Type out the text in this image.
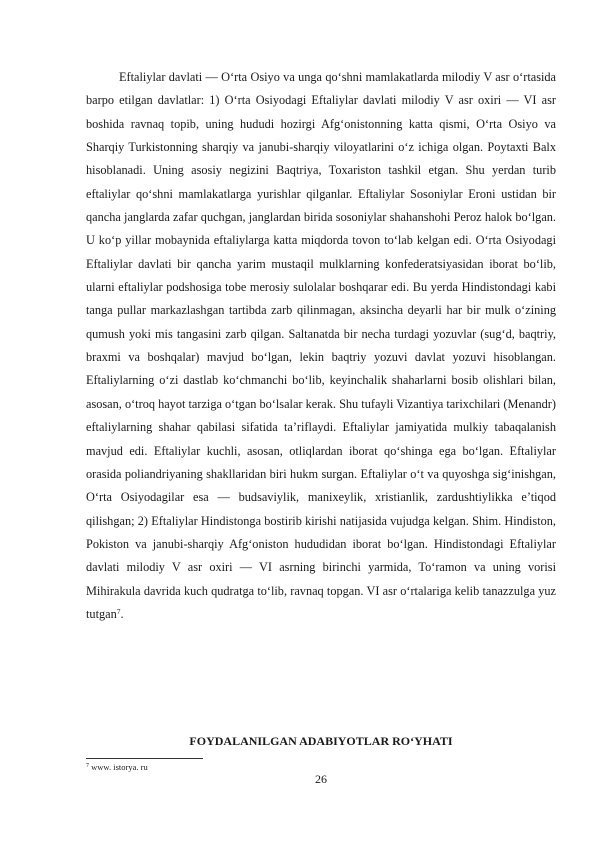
Eftaliylar davlati — O‘rta Osiyo va unga qo‘shni mamlakatlarda milodiy V asr o‘rtasida barpo etilgan davlatlar: 1) O‘rta Osiyodagi Eftaliylar davlati milodiy V asr oxiri — VI asr boshida ravnaq topib, uning hududi hozirgi Afg‘onistonning katta qismi, O‘rta Osiyo va Sharqiy Turkistonning sharqiy va janubi-sharqiy viloyatlarini o‘z ichiga olgan. Poytaxti Balx hisoblanadi. Uning asosiy negizini Baqtriya, Toxariston tashkil etgan. Shu yerdan turib eftaliylar qo‘shni mamlakatlarga yurishlar qilganlar. Eftaliylar Sosoniylar Eroni ustidan bir qancha janglarda zafar quchgan, janglardan birida sosoniylar shahanshohi Peroz halok bo‘lgan. U ko‘p yillar mobaynida eftaliylarga katta miqdorda tovon to‘lab kelgan edi. O‘rta Osiyodagi Eftaliylar davlati bir qancha yarim mustaqil mulklarning konfederatsiyasidan iborat bo‘lib, ularni eftaliylar podshosiga tobe merosiy sulolalar boshqarar edi. Bu yerda Hindistondagi kabi tanga pullar markazlashgan tartibda zarb qilinmagan, aksincha deyarli har bir mulk o‘zining qumush yoki mis tangasini zarb qilgan. Saltanatda bir necha turdagi yozuvlar (sug‘d, baqtriy, braxmi va boshqalar) mavjud bo‘lgan, lekin baqtriy yozuvi davlat yozuvi hisoblangan. Eftaliylarning o‘zi dastlab ko‘chmanchi bo‘lib, keyinchalik shaharlarni bosib olishlari bilan, asosan, o‘troq hayot tarziga o‘tgan bo‘lsalar kerak. Shu tufayli Vizantiya tarixchilari (Menandr) eftaliylarning shahar qabilasi sifatida ta’riflaydi. Eftaliylar jamiyatida mulkiy tabaqalanish mavjud edi. Eftaliylar kuchli, asosan, otliqlardan iborat qo‘shinga ega bo‘lgan. Eftaliylar orasida poliandriyaning shakllaridan biri hukm surgan. Eftaliylar o‘t va quyoshga sig‘inishgan, O‘rta Osiyodagilar esa — budsaviylik, manixeylik, xristianlik, zardushtiylikka e’tiqod qilishgan; 2) Eftaliylar Hindistonga bostirib kirishi natijasida vujudga kelgan. Shim. Hindiston, Pokiston va janubi-sharqiy Afg‘oniston hududidan iborat bo‘lgan. Hindistondagi Eftaliylar davlati milodiy V asr oxiri — VI asrning birinchi yarmida, To‘ramon va uning vorisi Mihirakula davrida kuch qudratga to‘lib, ravnaq topgan. VI asr o‘rtalariga kelib tanazzulga yuz tutgan$^7$.

FOYDALANILGAN ADABIYOTLAR RO‘YHATI

$^7$ www. istorya. ru

26
